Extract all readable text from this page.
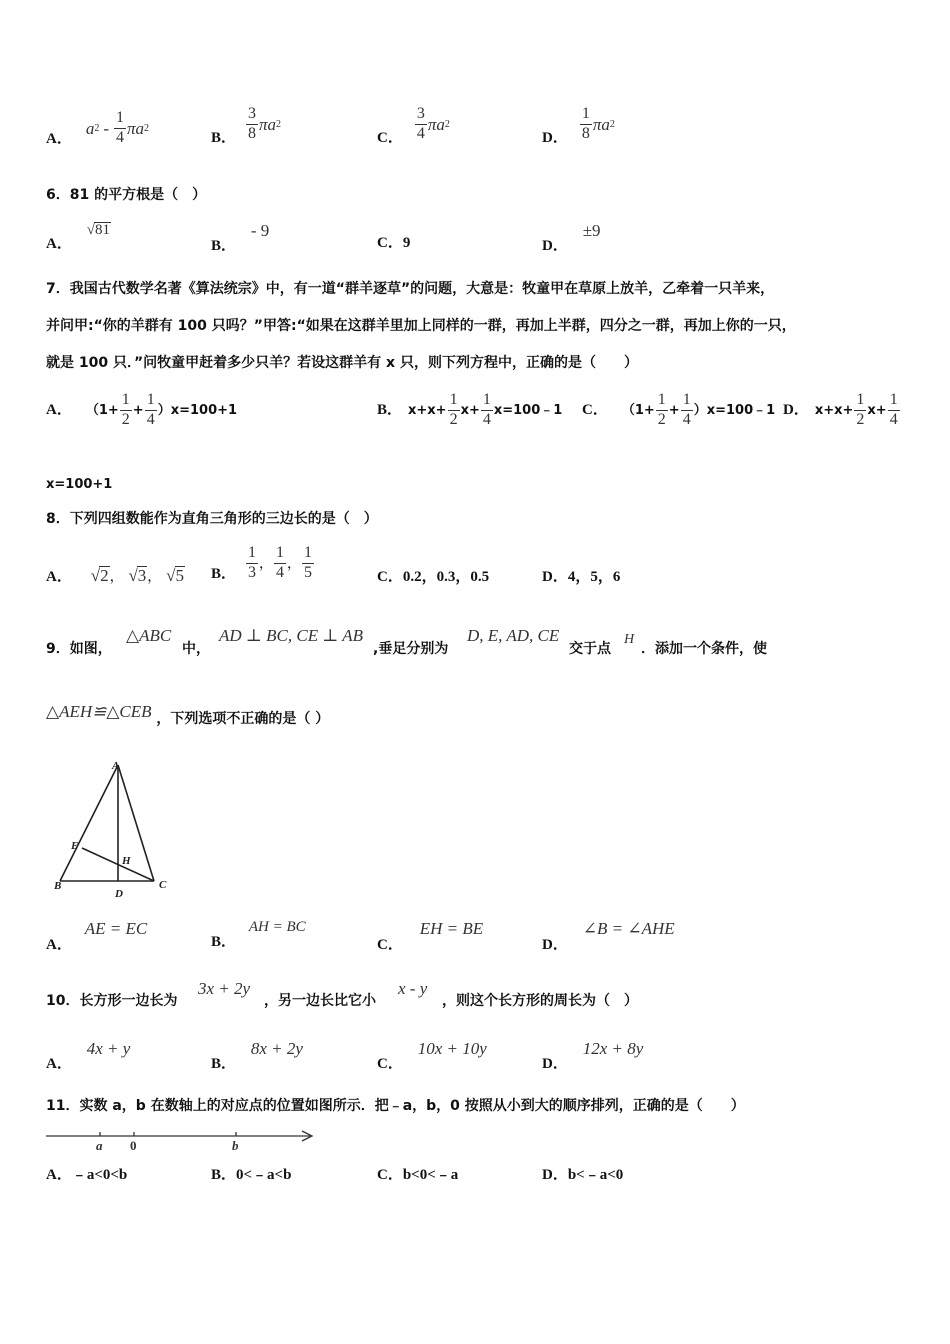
A．
a $2 - \frac{1}{4}$ πa 2
B． $\frac{3}{8}$ πa 2
C． $\frac{3}{4}$ πa 2
D． $\frac{1}{8}$ πa 2
6．81 的平方根是（　）
A． √81
B． - 9
C．9	D． ±9
7．我国古代数学名著《算法统宗》中，有一道“群羊逐草”的问题，大意是：牧童甲在草原上放羊，乙牵着一只羊来，
并问甲:“你的羊群有 100 只吗？”甲答:“如果在这群羊里加上同样的一群，再加上半群，四分之一群，再加上你的一只，
就是 100 只．”问牧童甲赶着多少只羊？若设这群羊有 x 只，则下列方程中，正确的是（　　）
A． $(1+ \frac{1}{2} + \frac{1}{4} )x=100+1$	B． $x+x+ \frac{1}{2} x+ \frac{1}{4}$ x=100﹣1 C． （$1+ \frac{1}{2} + \frac{1}{4}$ ）x=100﹣1 D． $x+x+ \frac{1}{2} x+ \frac{1}{4}$
x=100+1
8．下列四组数能作为直角三角形的三边长的是（　）
A． √2， √3， √5 B． $\frac{1}{3}$ ， $\frac{1}{4}$ ， $\frac{1}{5}$	C．0.2，0.3，0.5	D．4，5，6
9．如图，
△ABC
中，
AD ⊥ BC, CE ⊥ AB
,垂足分别为
D, E, AD, CE
交于点
H
．添加一个条件，使
△AEH≌△CEB ，下列选项不正确的是（ ）
A
E
H
B
D
C
A． AE = EC
B． AH = BC
C． EH = BE
D． ∠B = ∠AHE
10．长方形一边长为
3x + 2y
，另一边长比它小
x - y
，则这个长方形的周长为（　）
A． 4x + y
B． 8x + 2y
C． 10x + 10y
D． 12x + 8y
11．实数 a，b 在数轴上的对应点的位置如图所示．把﹣a，b，0 按照从小到大的顺序排列，正确的是（　　）
a 0	b
A．﹣a<0<b	B．0<﹣a<b	C．b<0<﹣a	D．b<﹣a<0
